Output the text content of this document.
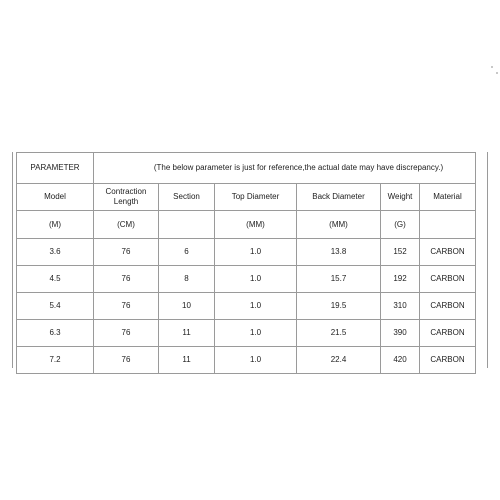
PARAMETER	(The below parameter is just for reference,the actual date may have discrepancy.)					
Model	Contraction Length	Section	Top Diameter	Back Diameter	Weight	Material
(M)	(CM)		(MM)	(MM)	(G)	
3.6	76	6	1.0	13.8	152	CARBON
4.5	76	8	1.0	15.7	192	CARBON
5.4	76	10	1.0	19.5	310	CARBON
6.3	76	11	1.0	21.5	390	CARBON
7.2	76	11	1.0	22.4	420	CARBON
